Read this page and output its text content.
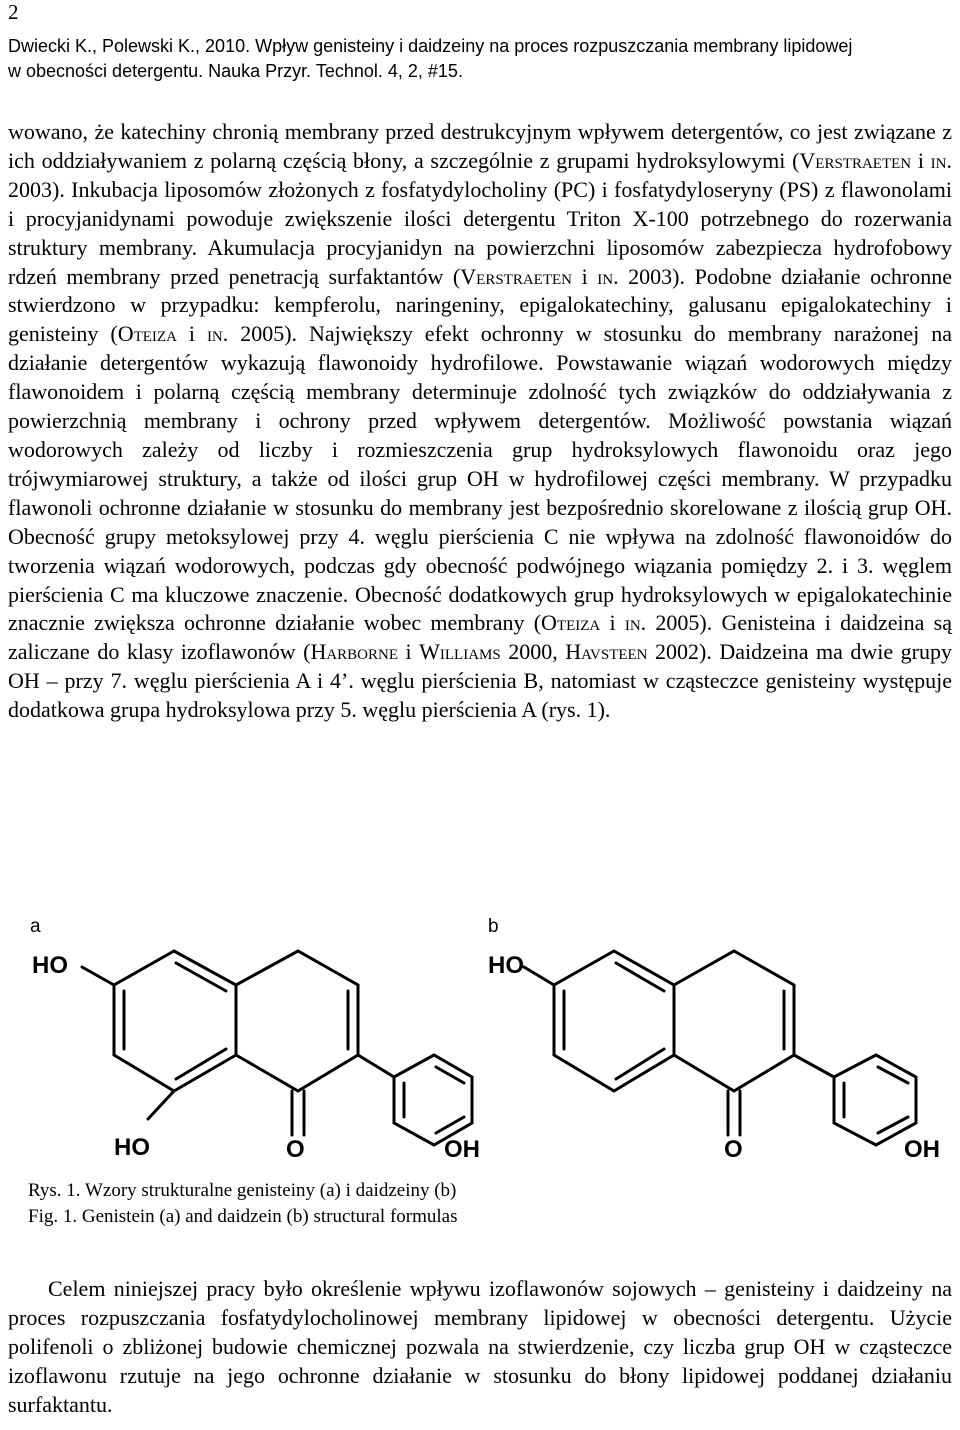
2
Dwiecki K., Polewski K., 2010. Wpływ genisteiny i daidzeiny na proces rozpuszczania membrany lipidowej
w obecności detergentu. Nauka Przyr. Technol. 4, 2, #15.

wowano, że katechiny chronią membrany przed destrukcyjnym wpływem detergentów, co jest związane z ich oddziaływaniem z polarną częścią błony, a szczególnie z grupami hydroksylowymi (Verstraeten i in. 2003). Inkubacja liposomów złożonych z fosfatydylocholiny (PC) i fosfatydyloseryny (PS) z flawonolami i procyjanidynami powoduje zwiększenie ilości detergentu Triton X-100 potrzebnego do rozerwania struktury membrany. Akumulacja procyjanidyn na powierzchni liposomów zabezpiecza hydrofobowy rdzeń membrany przed penetracją surfaktantów (Verstraeten i in. 2003). Podobne działanie ochronne stwierdzono w przypadku: kempferolu, naringeniny, epigalokatechiny, galusanu epigalokatechiny i genisteiny (Oteiza i in. 2005). Największy efekt ochronny w stosunku do membrany narażonej na działanie detergentów wykazują flawonoidy hydrofilowe. Powstawanie wiązań wodorowych między flawonoidem i polarną częścią membrany determinuje zdolność tych związków do oddziaływania z powierzchnią membrany i ochrony przed wpływem detergentów. Możliwość powstania wiązań wodorowych zależy od liczby i rozmieszczenia grup hydroksylowych flawonoidu oraz jego trójwymiarowej struktury, a także od ilości grup OH w hydrofilowej części membrany. W przypadku flawonoli ochronne działanie w stosunku do membrany jest bezpośrednio skorelowane z ilością grup OH. Obecność grupy metoksylowej przy 4. węglu pierścienia C nie wpływa na zdolność flawonoidów do tworzenia wiązań wodorowych, podczas gdy obecność podwójnego wiązania pomiędzy 2. i 3. węglem pierścienia C ma kluczowe znaczenie. Obecność dodatkowych grup hydroksylowych w epigalokatechinie znacznie zwiększa ochronne działanie wobec membrany (Oteiza i in. 2005). Genisteina i daidzeina są zaliczane do klasy izoflawonów (Harborne i Williams 2000, Havsteen 2002). Daidzeina ma dwie grupy OH – przy 7. węglu pierścienia A i 4’. węglu pierścienia B, natomiast w cząsteczce genisteiny występuje dodatkowa grupa hydroksylowa przy 5. węglu pierścienia A (rys. 1).

a	b
HO
HO	O	OH
HO
O	OH
Rys. 1. Wzory strukturalne genisteiny (a) i daidzeiny (b)
Fig. 1. Genistein (a) and daidzein (b) structural formulas

Celem niniejszej pracy było określenie wpływu izoflawonów sojowych – genisteiny i daidzeiny na proces rozpuszczania fosfatydylocholinowej membrany lipidowej w obecności detergentu. Użycie polifenoli o zbliżonej budowie chemicznej pozwala na stwierdzenie, czy liczba grup OH w cząsteczce izoflawonu rzutuje na jego ochronne działanie w stosunku do błony lipidowej poddanej działaniu surfaktantu.
